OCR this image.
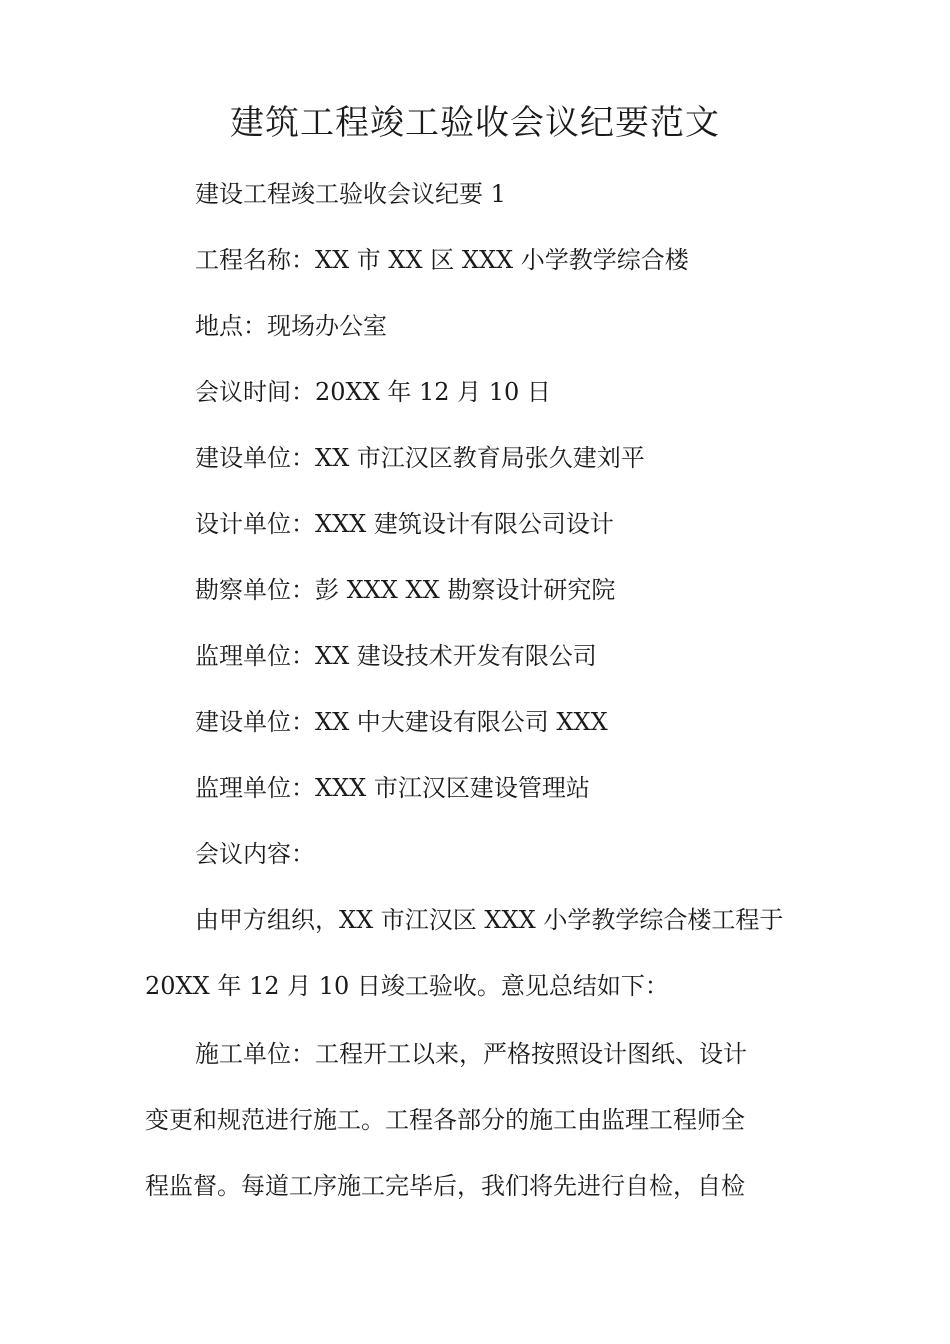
建筑工程竣工验收会议纪要范文
建设工程竣工验收会议纪要 1
工程名称：XX 市 XX 区 XXX 小学教学综合楼
地点：现场办公室
会议时间：20XX 年 12 月 10 日
建设单位：XX 市江汉区教育局张久建刘平
设计单位：XXX 建筑设计有限公司设计
勘察单位：彭 XXX XX 勘察设计研究院
监理单位：XX 建设技术开发有限公司
建设单位：XX 中大建设有限公司 XXX
监理单位：XXX 市江汉区建设管理站
会议内容：
由甲方组织，XX 市江汉区 XXX 小学教学综合楼工程于
20XX 年 12 月 10 日竣工验收。意见总结如下：
施工单位：工程开工以来，严格按照设计图纸、设计
变更和规范进行施工。工程各部分的施工由监理工程师全
程监督。每道工序施工完毕后，我们将先进行自检，自检
